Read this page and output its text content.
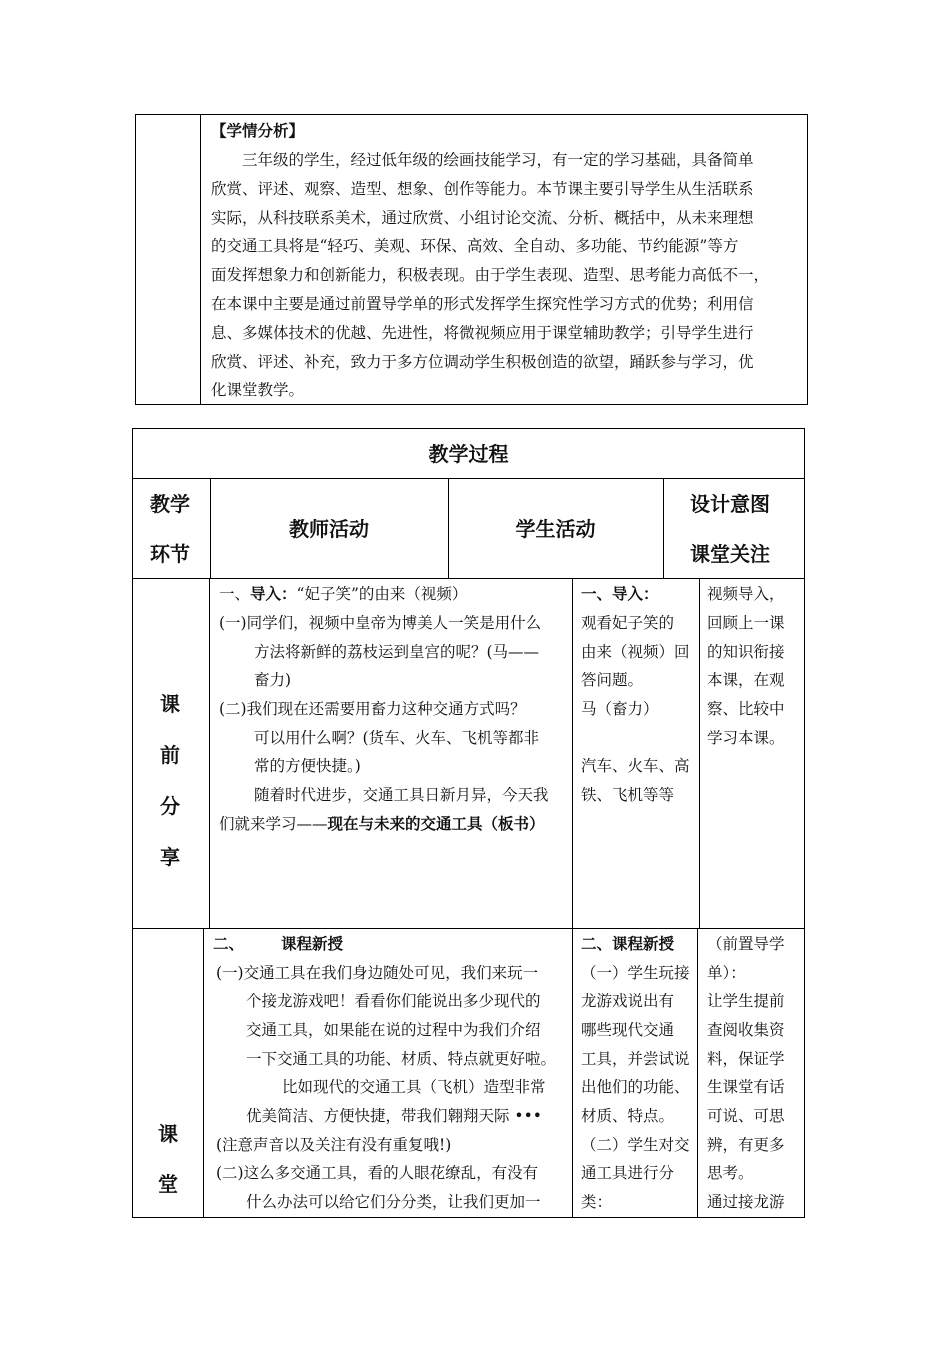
【学情分析】
　　三年级的学生，经过低年级的绘画技能学习，有一定的学习基础，具备简单
欣赏、评述、观察、造型、想象、创作等能力。本节课主要引导学生从生活联系
实际，从科技联系美术，通过欣赏、小组讨论交流、分析、概括中，从未来理想
的交通工具将是“轻巧、美观、环保、高效、全自动、多功能、节约能源”等方
面发挥想象力和创新能力，积极表现。由于学生表现、造型、思考能力高低不一，
在本课中主要是通过前置导学单的形式发挥学生探究性学习方式的优势；利用信
息、多媒体技术的优越、先进性，将微视频应用于课堂辅助教学；引导学生进行
欣赏、评述、补充，致力于多方位调动学生积极创造的欲望，踊跃参与学习，优
化课堂教学。
教学过程
教学
环节
教师活动	学生活动
设计意图
课堂关注
课
前
分
享
一、导入：“妃子笑”的由来（视频）
(一)同学们，视频中皇帝为博美人一笑是用什么
方法将新鲜的荔枝运到皇宫的呢？(马——
畜力)
(二)我们现在还需要用畜力这种交通方式吗？
可以用什么啊？(货车、火车、飞机等都非
常的方便快捷。)
随着时代进步，交通工具日新月异，今天我
们就来学习——现在与未来的交通工具（板书）
一、导入：
观看妃子笑的
由来（视频）回
答问题。
马（畜力）
汽车、火车、高
铁、飞机等等
视频导入，
回顾上一课
的知识衔接
本课，在观
察、比较中
学习本课。
课
堂
二、 课程新授
(一)交通工具在我们身边随处可见，我们来玩一
个接龙游戏吧！看看你们能说出多少现代的
交通工具，如果能在说的过程中为我们介绍
一下交通工具的功能、材质、特点就更好啦。
比如现代的交通工具（飞机）造型非常
优美简洁、方便快捷，带我们翱翔天际 •••
(注意声音以及关注有没有重复哦!)
(二)这么多交通工具，看的人眼花缭乱，有没有
什么办法可以给它们分分类，让我们更加一
二、课程新授
（一）学生玩接
龙游戏说出有
哪些现代交通
工具，并尝试说
出他们的功能、
材质、特点。
（二）学生对交
通工具进行分
类：
（前置导学
单）：
让学生提前
查阅收集资
料，保证学
生课堂有话
可说、可思
辨，有更多
思考。
通过接龙游
